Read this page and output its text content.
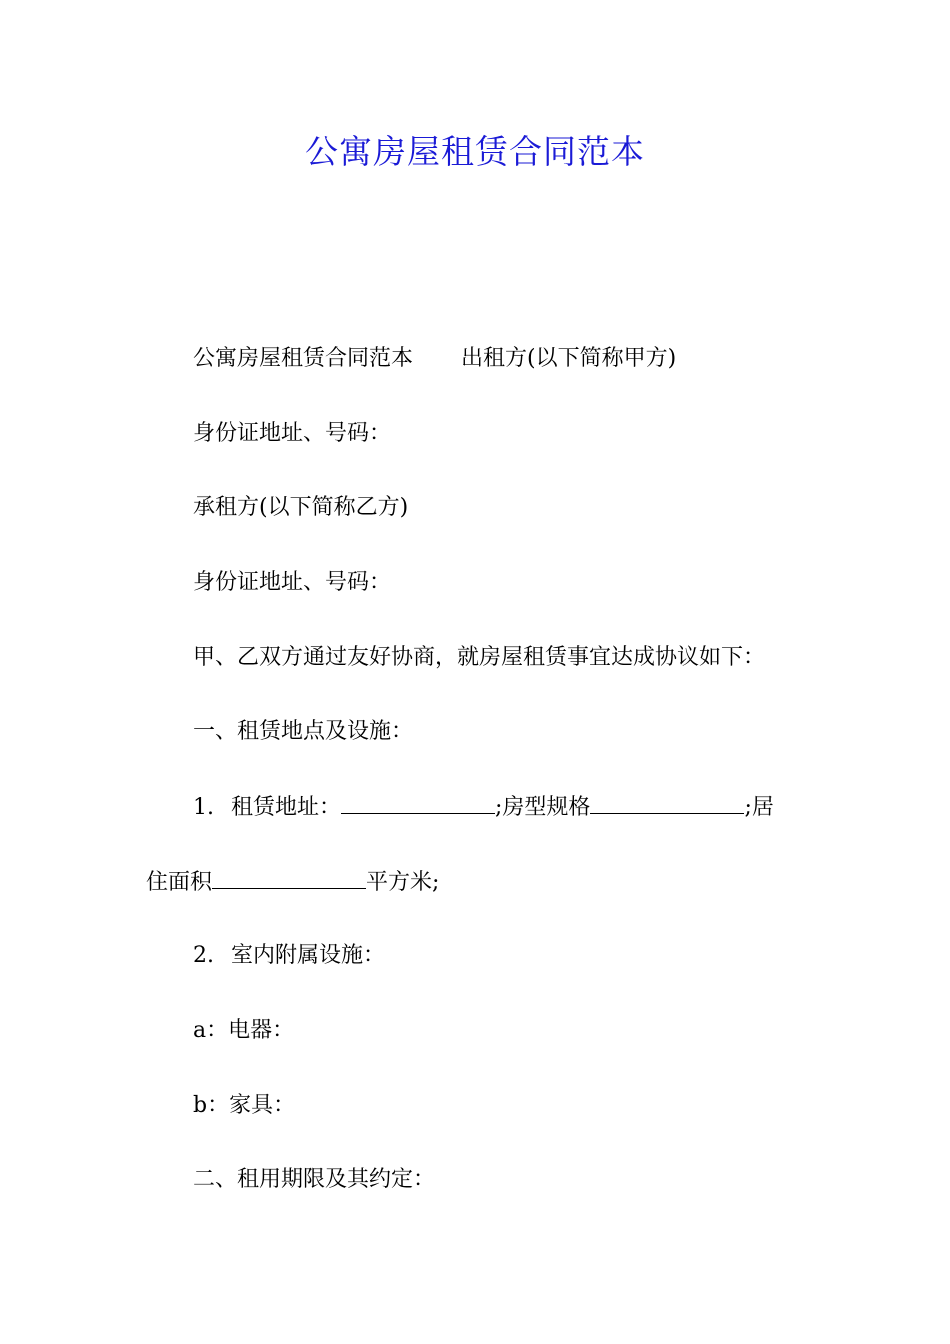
公寓房屋租赁合同范本
公寓房屋租赁合同范本 出租方(以下简称甲方)
身份证地址、号码：
承租方(以下简称乙方)
身份证地址、号码：
甲、乙双方通过友好协商，就房屋租赁事宜达成协议如下：
一、租赁地点及设施：
1. 租赁地址：	;房型规格	;居
住面积	平方米;
2. 室内附属设施：
a：电器：
b：家具：
二、租用期限及其约定：
